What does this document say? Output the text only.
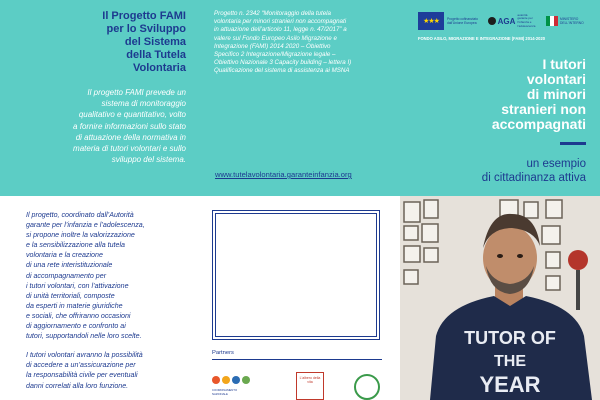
Il Progetto FAMI
per lo Sviluppo
del Sistema
della Tutela
Volontaria
Il progetto FAMI prevede un
sistema di monitoraggio
qualitativo e quantitativo, volto
a fornire informazioni sullo stato
di attuazione della normativa in
materia di tutori volontari e sullo
sviluppo del sistema.
Progetto n. 2342 “Monitoraggio della tutela
volontaria per minori stranieri non accompagnati
in attuazione dell’articolo 11, legge n. 47/2017” a
valere sul Fondo Europeo Asilo Migrazione e
Integrazione (FAMI) 2014 2020 – Obiettivo
Specifico 2 Integrazione/Migrazione legale –
Obiettivo Nazionale 3 Capacity building – lettera I)
Qualificazione del sistema di assistenza ai MSNA
www.tutelavolontaria.garanteinfanzia.org
★★★ Progetto cofinanziato dall'Unione Europea	AGA
autorità garante per l'infanzia e l'adolescenza
MINISTERO DELL'INTERNO
FONDO ASILO, MIGRAZIONE E INTEGRAZIONE (FAMI) 2014-2020
I tutori
volontari
di minori
stranieri non
accompagnati
un esempio
di cittadinanza attiva

Il progetto, coordinato dall’Autorità
garante per l’infanzia e l’adolescenza,
si propone inoltre la valorizzazione
e la sensibilizzazione alla tutela
volontaria e la creazione
di una rete interistituzionale
di accompagnamento per
i tutori volontari, con l’attivazione
di unità territoriali, composte
da esperti in materie giuridiche
e sociali, che offriranno occasioni
di aggiornamento e confronto ai
tutori, supportandoli nelle loro scelte.

I tutori volontari avranno la possibilità
di accedere a un’assicurazione per
la responsabilità civile per eventuali
danni correlati alla loro funzione.

Partners
COORDINAMENTO NAZIONALE
L'albero della vita
TUTOR OF
THE
YEAR
